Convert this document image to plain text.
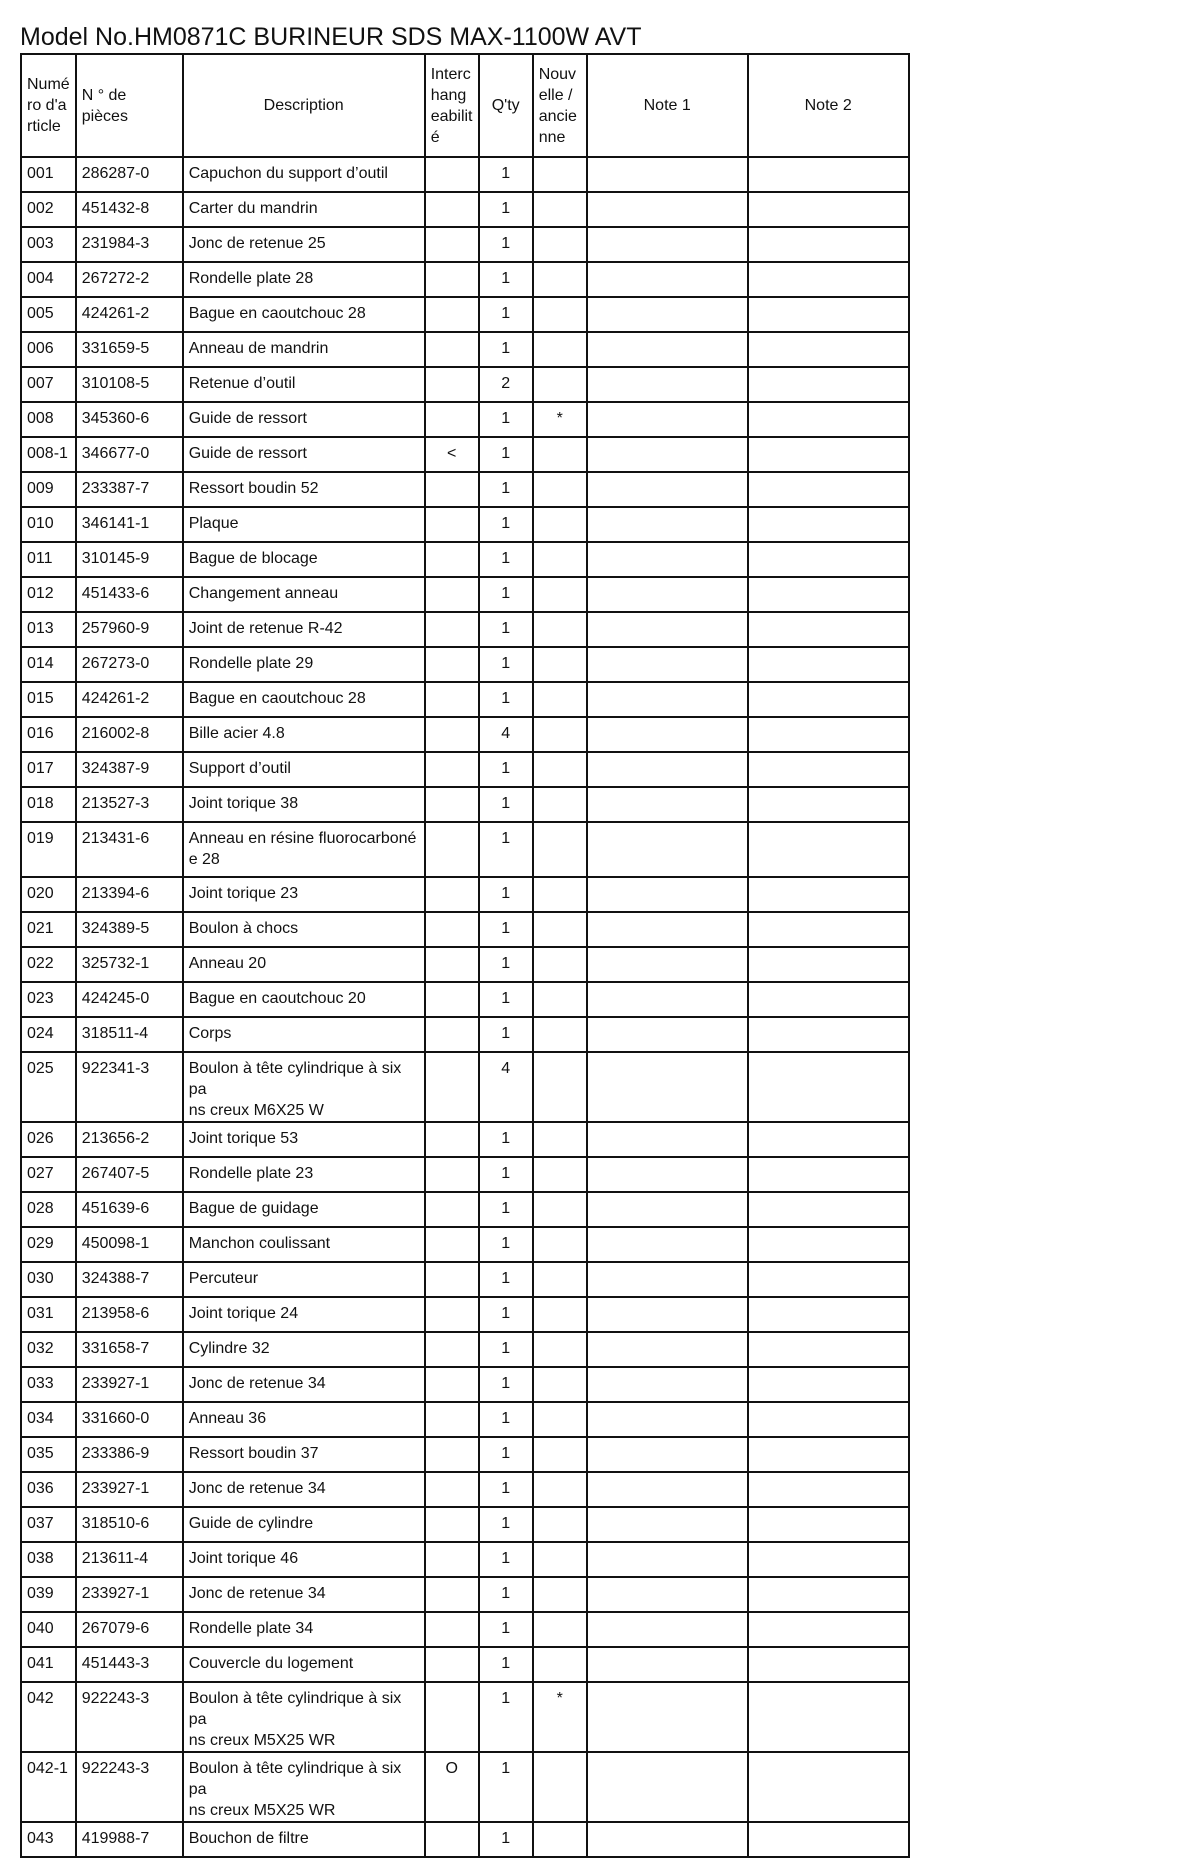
Model No.HM0871C BURINEUR SDS MAX-1100W AVT
Numé
ro d'a
rticle	N ° de pièces	Description	Interc
hang
eabilit
é	Q'ty	Nouv
elle /
ancie
nne	Note 1	Note 2
001	286287-0	Capuchon du support d’outil		1			
002	451432-8	Carter du mandrin		1			
003	231984-3	Jonc de retenue 25		1			
004	267272-2	Rondelle plate 28		1			
005	424261-2	Bague en caoutchouc 28		1			
006	331659-5	Anneau de mandrin		1			
007	310108-5	Retenue d’outil		2			
008	345360-6	Guide de ressort		1	*		
008-1	346677-0	Guide de ressort	<	1			
009	233387-7	Ressort boudin 52		1			
010	346141-1	Plaque		1			
011	310145-9	Bague de blocage		1			
012	451433-6	Changement anneau		1			
013	257960-9	Joint de retenue R-42		1			
014	267273-0	Rondelle plate 29		1			
015	424261-2	Bague en caoutchouc 28		1			
016	216002-8	Bille acier 4.8		4			
017	324387-9	Support d’outil		1			
018	213527-3	Joint torique 38		1			
019	213431-6	Anneau en résine fluorocarboné
e 28		1			
020	213394-6	Joint torique 23		1			
021	324389-5	Boulon à chocs		1			
022	325732-1	Anneau 20		1			
023	424245-0	Bague en caoutchouc 20		1			
024	318511-4	Corps		1			
025	922341-3	Boulon à tête cylindrique à six pa
ns creux M6X25 W		4			
026	213656-2	Joint torique 53		1			
027	267407-5	Rondelle plate 23		1			
028	451639-6	Bague de guidage		1			
029	450098-1	Manchon coulissant		1			
030	324388-7	Percuteur		1			
031	213958-6	Joint torique 24		1			
032	331658-7	Cylindre 32		1			
033	233927-1	Jonc de retenue 34		1			
034	331660-0	Anneau 36		1			
035	233386-9	Ressort boudin 37		1			
036	233927-1	Jonc de retenue 34		1			
037	318510-6	Guide de cylindre		1			
038	213611-4	Joint torique 46		1			
039	233927-1	Jonc de retenue 34		1			
040	267079-6	Rondelle plate 34		1			
041	451443-3	Couvercle du logement		1			
042	922243-3	Boulon à tête cylindrique à six pa
ns creux M5X25 WR		1	*		
042-1	922243-3	Boulon à tête cylindrique à six pa
ns creux M5X25 WR	O	1			
043	419988-7	Bouchon de filtre		1			
